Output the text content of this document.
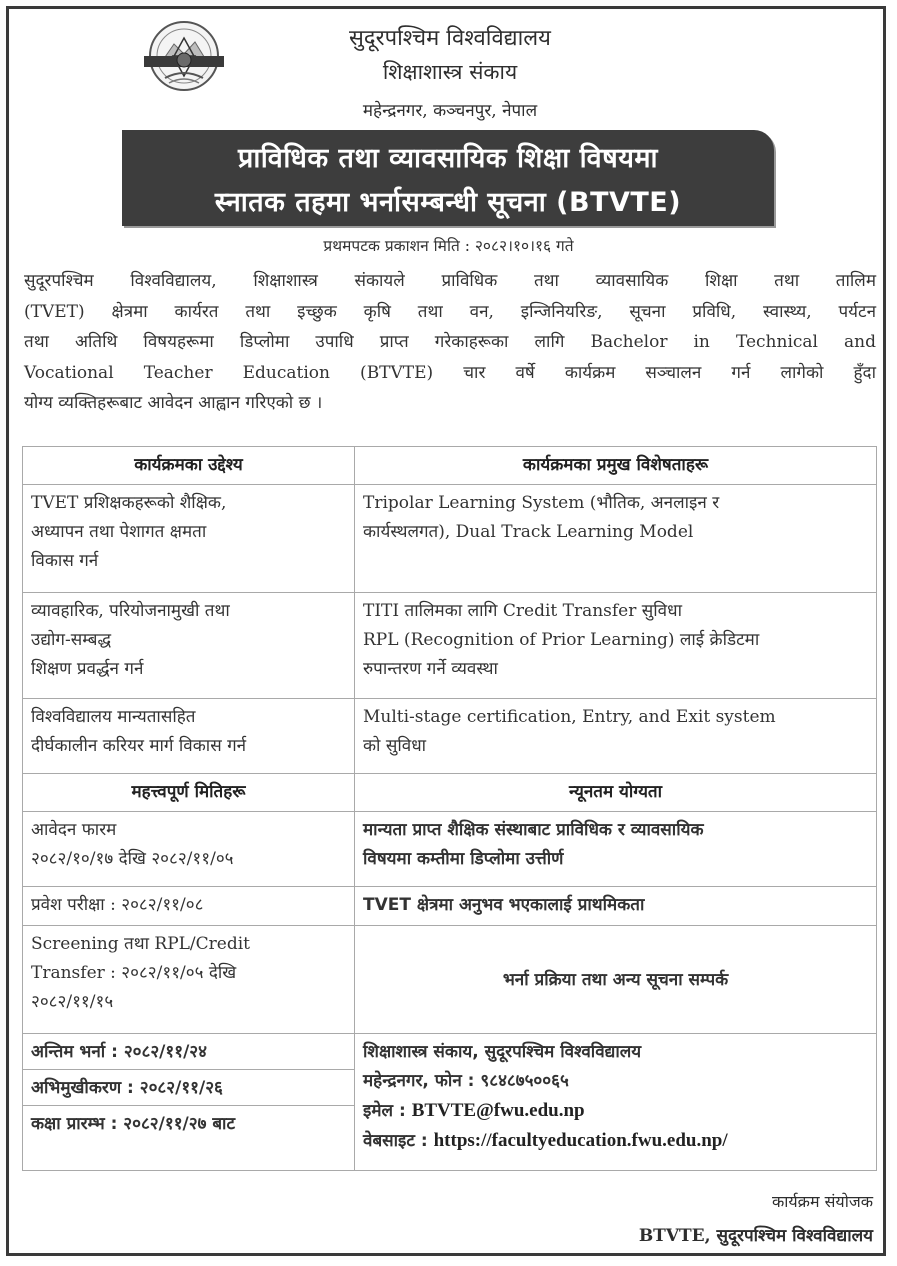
सुदूरपश्चिम विश्वविद्यालय
शिक्षाशास्त्र संकाय
महेन्द्रनगर, कञ्चनपुर, नेपाल
प्राविधिक तथा व्यावसायिक शिक्षा विषयमा
स्नातक तहमा भर्नासम्बन्धी सूचना (BTVTE)
प्रथमपटक प्रकाशन मिति : २०८२।१०।१६ गते
सुदूरपश्चिम विश्वविद्यालय, शिक्षाशास्त्र संकायले प्राविधिक तथा व्यावसायिक शिक्षा तथा तालिम
(TVET) क्षेत्रमा कार्यरत तथा इच्छुक कृषि तथा वन, इन्जिनियरिङ, सूचना प्रविधि, स्वास्थ्य, पर्यटन
तथा अतिथि विषयहरूमा डिप्लोमा उपाधि प्राप्त गरेकाहरूका लागि Bachelor in Technical and
Vocational Teacher Education (BTVTE) चार वर्षे कार्यक्रम सञ्चालन गर्न लागेको हुँदा
योग्य व्यक्तिहरूबाट आवेदन आह्वान गरिएको छ ।
कार्यक्रमका उद्देश्य	कार्यक्रमका प्रमुख विशेषताहरू

TVET प्रशिक्षकहरूको शैक्षिक,
अध्यापन तथा पेशागत क्षमता
विकास गर्न	Tripolar Learning System (भौतिक, अनलाइन र
कार्यस्थलगत), Dual Track Learning Model

व्यावहारिक, परियोजनामुखी तथा
उद्योग-सम्बद्ध
शिक्षण प्रवर्द्धन गर्न	TITI तालिमका लागि Credit Transfer सुविधा
RPL (Recognition of Prior Learning) लाई क्रेडिटमा
रुपान्तरण गर्ने व्यवस्था

विश्वविद्यालय मान्यतासहित
दीर्घकालीन करियर मार्ग विकास गर्न	Multi-stage certification, Entry, and Exit system
को सुविधा

महत्त्वपूर्ण मितिहरू	न्यूनतम योग्यता

आवेदन फारम
२०८२/१०/१७ देखि २०८२/११/०५	मान्यता प्राप्त शैक्षिक संस्थाबाट प्राविधिक र व्यावसायिक
विषयमा कम्तीमा डिप्लोमा उत्तीर्ण

प्रवेश परीक्षा : २०८२/११/०८	TVET क्षेत्रमा अनुभव भएकालाई प्राथमिकता

Screening तथा RPL/Credit
Transfer : २०८२/११/०५ देखि
२०८२/११/१५	भर्ना प्रक्रिया तथा अन्य सूचना सम्पर्क

अन्तिम भर्ना : २०८२/११/२४	शिक्षाशास्त्र संकाय, सुदूरपश्चिम विश्वविद्यालय
महेन्द्रनगर, फोन : ९८४८७५००६५
इमेल : BTVTE@fwu.edu.np
वेबसाइट : https://facultyeducation.fwu.edu.np/

अभिमुखीकरण : २०८२/११/२६	

कक्षा प्रारम्भ : २०८२/११/२७ बाट	
कार्यक्रम संयोजक
BTVTE, सुदूरपश्चिम विश्वविद्यालय
